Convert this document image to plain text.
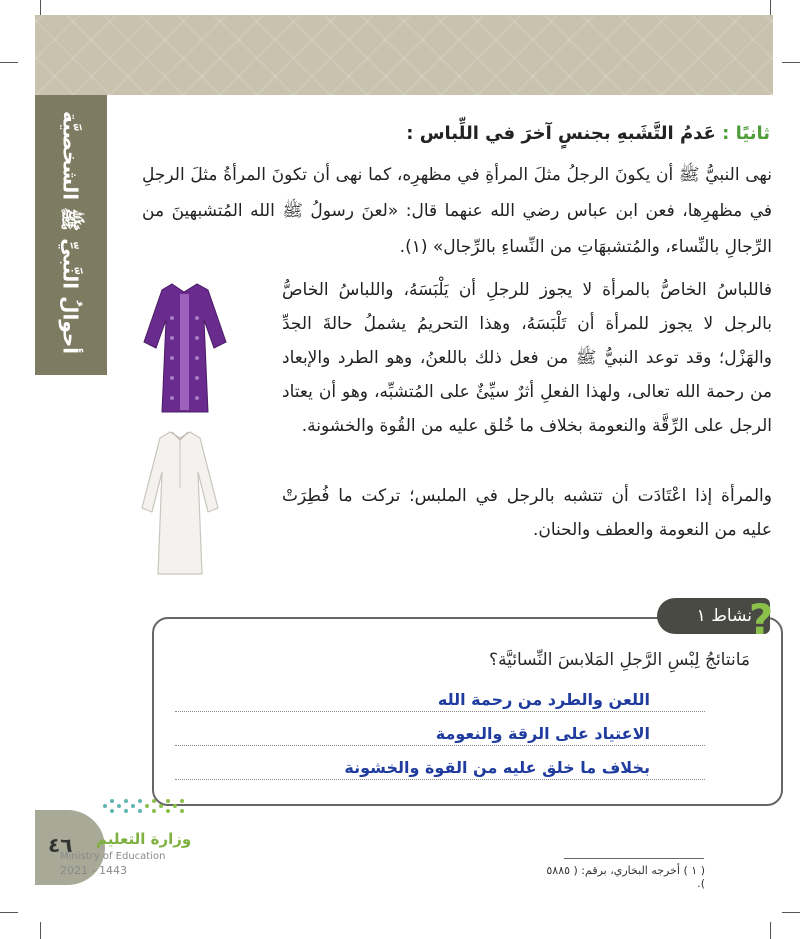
أحوالُ النَّبيِّ ﷺ الشخصيَّة	ثانيًا : عَدمُ التَّشَبهِ بجنسٍ آخرَ في اللِّباس :
نهى النبيُّ ﷺ أن يكونَ الرجلُ مثلَ المرأةِ في مظهرِه، كما نهى أن تكونَ المرأةُ مثلَ الرجلِ في مظهرِها، فعن ابن عباس رضي الله عنهما قال: «لعنَ رسولُ ﷺ الله المُتشبهينَ من الرِّجالِ بالنِّساء، والمُتشبهَاتِ من النِّساءِ بالرِّجال» (١).
فاللباسُ الخاصُّ بالمرأة لا يجوز للرجلِ أن يَلْبَسَهُ، واللباسُ الخاصُّ بالرجل لا يجوز للمرأة أن تَلْبَسَهُ، وهذا التحريمُ يشملُ حالةَ الجدِّ والهَزْل؛ وقد توعد النبيُّ ﷺ من فعل ذلك باللعنُ، وهو الطرد والإبعاد من رحمة الله تعالى، ولهذا الفعلِ أثرٌ سيِّئٌ على المُتشبِّه، وهو أن يعتاد الرجل على الرِّقَّة والنعومة بخلاف ما خُلق عليه من القُوة والخشونة.
والمرأة إذا اعْتَادَت أن تتشبه بالرجل في الملبس؛ تركت ما فُطِرَتْ عليه من النعومة والعطف والحنان.
نشاط ١
?
مَانتائجُ لِبْسِ الرَّجلِ المَلابسَ النِّسائيَّة؟
اللعن والطرد من رحمة الله
الاعتياد على الرقة والنعومة
بخلاف ما خلق عليه من القوة والخشونة
٤٦ وزارة التعليم
Ministry of Education
2021 - 1443	( ١ ) أخرجه البخاري، برقم: ( ٥٨٨٥ ).
